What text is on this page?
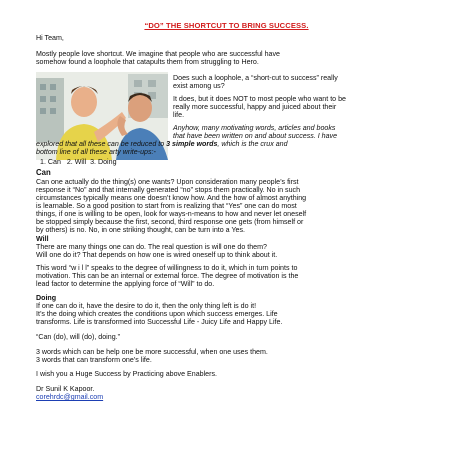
“DO” THE SHORTCUT TO BRING SUCCESS.
Hi Team,
Mostly people love shortcut. We imagine that people who are successful have
somehow found a loophole that catapults them from struggling to Hero.
Does such a loophole, a “short-cut to success” really
exist among us?
It does, but it does NOT to most people who want to be
really more successful, happy and juiced about their
life.
Anyhow, many motivating words, articles and books
that have been written on and about success. I have
explored that all these can be reduced to 3 simple words, which is the crux and
bottom line of all these arty write-ups:-
1. Can 2. Will 3. Doing
Can
Can one actually do the thing(s) one wants? Upon consideration many people’s first
response it “No” and that internally generated “no” stops them practically. No in such
circumstances typically means one doesn’t know how. And the how of almost anything
is learnable. So a good position to start from is realizing that “Yes” one can do most
things, if one is willing to be open, look for ways-n-means to how and never let oneself
be stopped simply because the first, second, third response one gets (from himself or
by others) is no. No, in one striking thought, can be turn into a Yes.
Will
There are many things one can do. The real question is will one do them?
Will one do it? That depends on how one is wired oneself up to think about it.
This word “w i l l” speaks to the degree of willingness to do it, which in turn points to
motivation. This can be an internal or external force. The degree of motivation is the
lead factor to determine the applying force of “Will” to do.
Doing
If one can do it, have the desire to do it, then the only thing left is do it!
It’s the doing which creates the conditions upon which success emerges. Life
transforms. Life is transformed into Successful Life - Juicy Life and Happy Life.
“Can (do), will (do), doing.”
3 words which can be help one be more successful, when one uses them.
3 words that can transform one’s life.
I wish you a Huge Success by Practicing above Enablers.
Dr Sunil K Kapoor.
corehrdc@gmail.com
